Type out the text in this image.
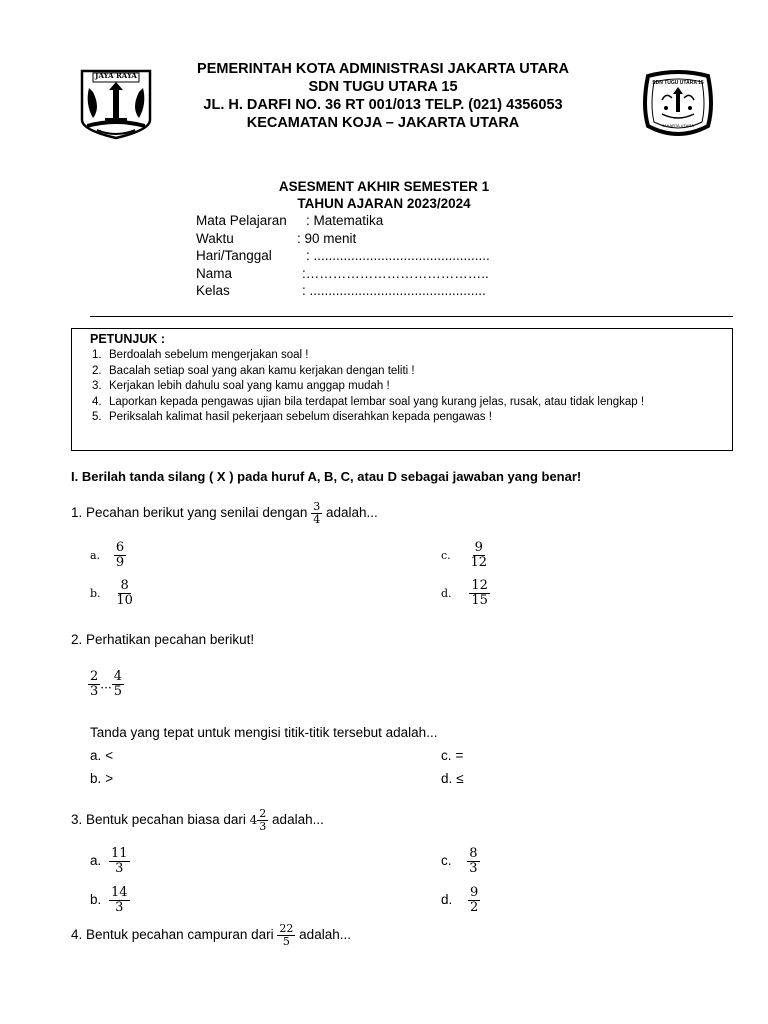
JAYA RAYA
SDN TUGU UTARA 15
JAKARTA UTARA
PEMERINTAH KOTA ADMINISTRASI JAKARTA UTARA
SDN TUGU UTARA 15
JL. H. DARFI NO. 36 RT 001/013 TELP. (021) 4356053
KECAMATAN KOJA – JAKARTA UTARA
ASESMENT AKHIR SEMESTER 1
TAHUN AJARAN 2023/2024
Mata Pelajaran : Matematika
Waktu	: 90 menit
Hari/Tanggal	: ...............................................
Nama	:…………………………………..
Kelas	: ...............................................
PETUNJUK :
1. Berdoalah sebelum mengerjakan soal !
2. Bacalah setiap soal yang akan kamu kerjakan dengan teliti !
3. Kerjakan lebih dahulu soal yang kamu anggap mudah !
4. Laporkan kepada pengawas ujian bila terdapat lembar soal yang kurang jelas, rusak, atau tidak lengkap !
5. Periksalah kalimat hasil pekerjaan sebelum diserahkan kepada pengawas !
I. Berilah tanda silang ( X ) pada huruf A, B, C, atau D sebagai jawaban yang benar!
1. Pecahan berikut yang senilai dengan $\frac{3}{4}$ adalah...
a. $\frac{6}{9}$
b. $\frac{8}{10}$
c. $\frac{9}{12}$
d. $\frac{12}{15}$
2. Perhatikan pecahan berikut!
$\frac{2}{3}$ ... $\frac{4}{5}$
Tanda yang tepat untuk mengisi titik-titik tersebut adalah...
a. <
b. >
c. =
d. ≤
3. Bentuk pecahan biasa dari $4 \frac{2}{3}$ adalah...
a. $\frac{11}{3}$
b. $\frac{14}{3}$
c. $\frac{8}{3}$
d. $\frac{9}{2}$
4. Bentuk pecahan campuran dari $\frac{22}{5}$ adalah...
